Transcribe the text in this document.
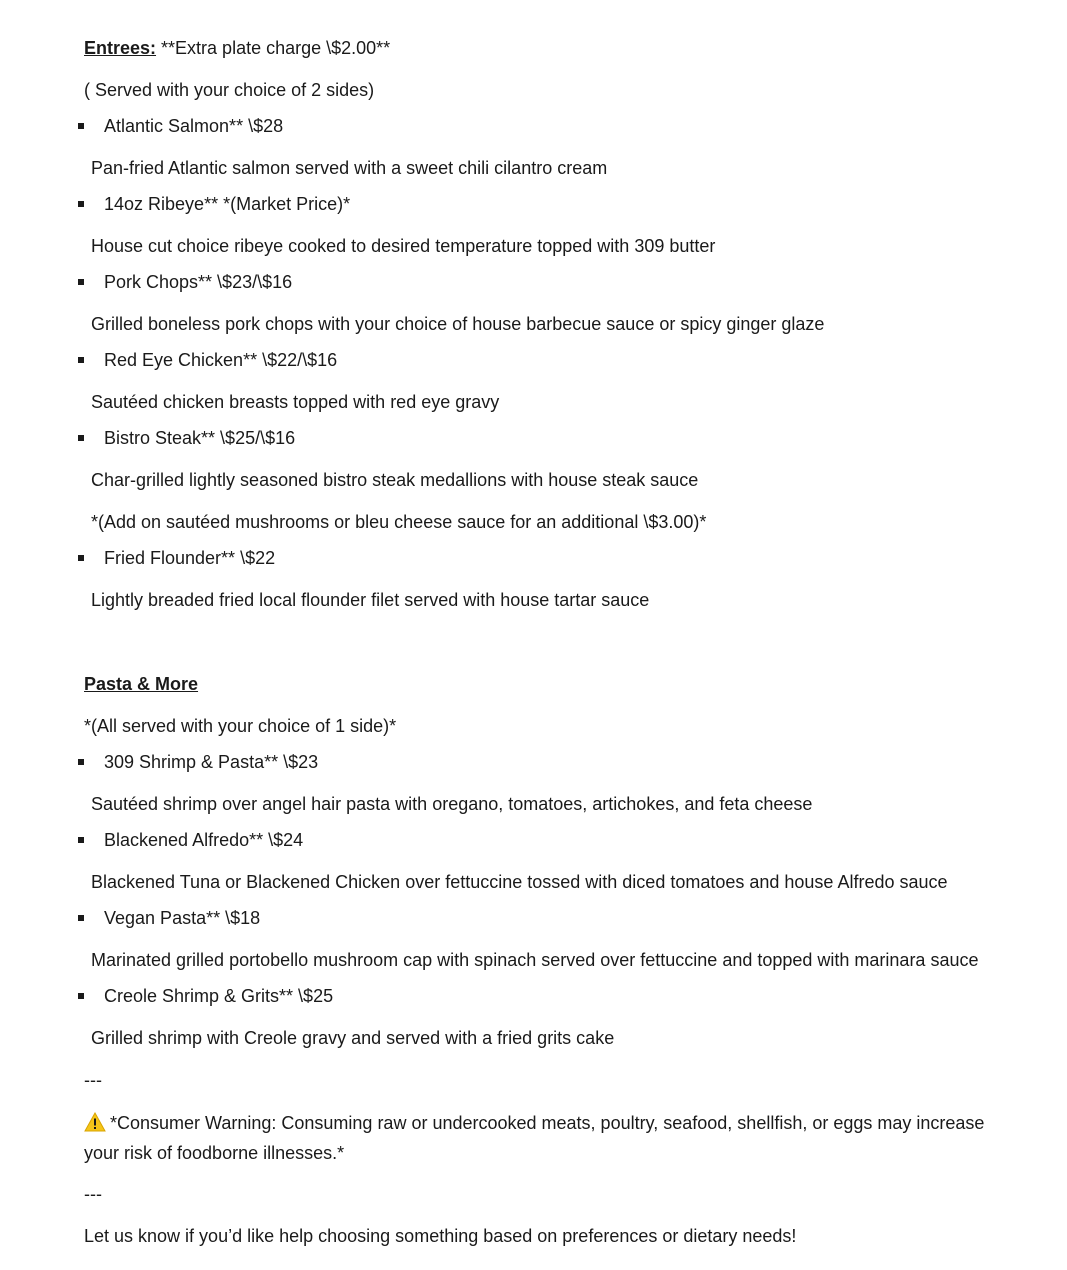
Entrees: **Extra plate charge \$2.00**
( Served with your choice of 2 sides)
Atlantic Salmon** \$28
Pan-fried Atlantic salmon served with a sweet chili cilantro cream
14oz Ribeye** *(Market Price)*
House cut choice ribeye cooked to desired temperature topped with 309 butter
Pork Chops** \$23/\$16
Grilled boneless pork chops with your choice of house barbecue sauce or spicy ginger glaze
Red Eye Chicken** \$22/\$16
Sautéed chicken breasts topped with red eye gravy
Bistro Steak** \$25/\$16
Char-grilled lightly seasoned bistro steak medallions with house steak sauce
*(Add on sautéed mushrooms or bleu cheese sauce for an additional \$3.00)*
Fried Flounder** \$22
Lightly breaded fried local flounder filet served with house tartar sauce
Pasta & More
*(All served with your choice of 1 side)*
309 Shrimp & Pasta** \$23
Sautéed shrimp over angel hair pasta with oregano, tomatoes, artichokes, and feta cheese
Blackened Alfredo** \$24
Blackened Tuna or Blackened Chicken over fettuccine tossed with diced tomatoes and house Alfredo sauce
Vegan Pasta** \$18
Marinated grilled portobello mushroom cap with spinach served over fettuccine and topped with marinara sauce
Creole Shrimp & Grits** \$25
Grilled shrimp with Creole gravy and served with a fried grits cake
---
*Consumer Warning: Consuming raw or undercooked meats, poultry, seafood, shellfish, or eggs may increase your risk of foodborne illnesses.*
---
Let us know if you’d like help choosing something based on preferences or dietary needs!
